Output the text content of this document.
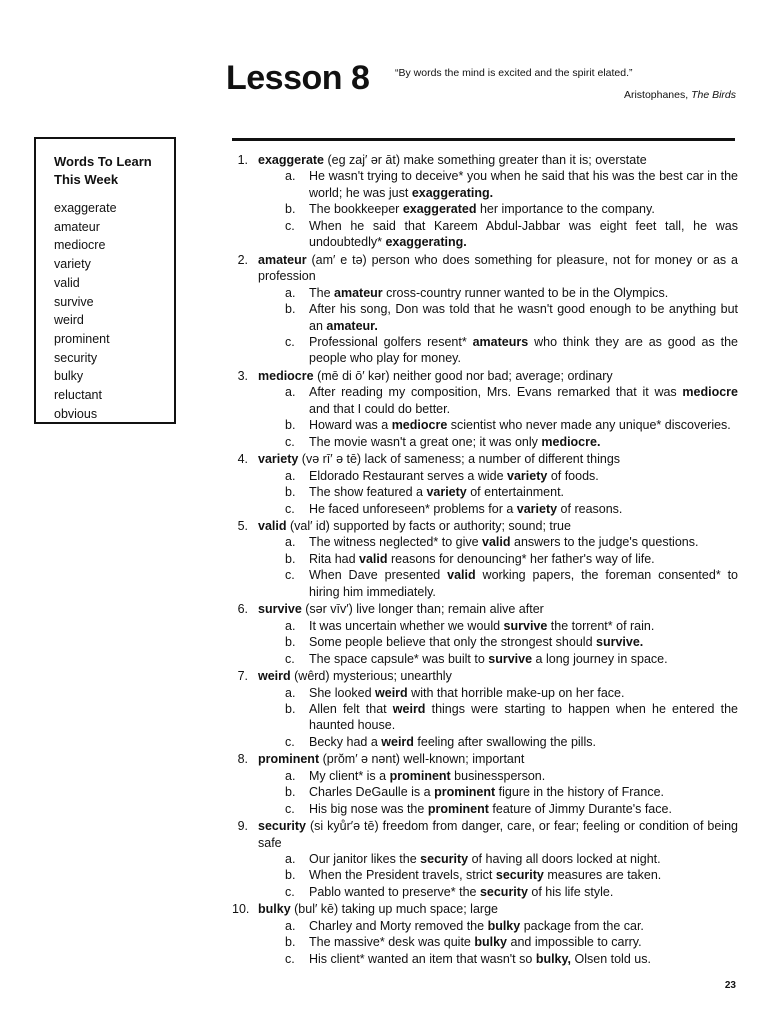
Lesson 8 “By words the mind is excited and the spirit elated.”
Aristophanes, The Birds
Words To Learn
This Week
exaggerate
amateur
mediocre
variety
valid
survive
weird
prominent
security
bulky
reluctant
obvious
1. exaggerate (eg zaj′ ər āt) make something greater than it is; overstate
a. He wasn't trying to deceive* you when he said that his was the best car in the world; he was just exaggerating.
b. The bookkeeper exaggerated her importance to the company.
c. When he said that Kareem Abdul-Jabbar was eight feet tall, he was undoubtedly* exaggerating.
2. amateur (am′ e tə) person who does something for pleasure, not for money or as a profession
a. The amateur cross-country runner wanted to be in the Olympics.
b. After his song, Don was told that he wasn't good enough to be anything but an amateur.
c. Professional golfers resent* amateurs who think they are as good as the people who play for money.
3. mediocre (mē di ō′ kər) neither good nor bad; average; ordinary
a. After reading my composition, Mrs. Evans remarked that it was mediocre and that I could do better.
b. Howard was a mediocre scientist who never made any unique* discoveries.
c. The movie wasn't a great one; it was only mediocre.
4. variety (və rī′ ə tē) lack of sameness; a number of different things
a. Eldorado Restaurant serves a wide variety of foods.
b. The show featured a variety of entertainment.
c. He faced unforeseen* problems for a variety of reasons.
5. valid (val′ id) supported by facts or authority; sound; true
a. The witness neglected* to give valid answers to the judge's questions.
b. Rita had valid reasons for denouncing* her father's way of life.
c. When Dave presented valid working papers, the foreman consented* to hiring him immediately.
6. survive (sər vīv′) live longer than; remain alive after
a. It was uncertain whether we would survive the torrent* of rain.
b. Some people believe that only the strongest should survive.
c. The space capsule* was built to survive a long journey in space.
7. weird (wêrd) mysterious; unearthly
a. She looked weird with that horrible make-up on her face.
b. Allen felt that weird things were starting to happen when he entered the haunted house.
c. Becky had a weird feeling after swallowing the pills.
8. prominent (prŏm′ ə nənt) well-known; important
a. My client* is a prominent businessperson.
b. Charles DeGaulle is a prominent figure in the history of France.
c. His big nose was the prominent feature of Jimmy Durante's face.
9. security (si kyůr′ə tē) freedom from danger, care, or fear; feeling or condition of being safe
a. Our janitor likes the security of having all doors locked at night.
b. When the President travels, strict security measures are taken.
c. Pablo wanted to preserve* the security of his life style.
10. bulky (bul′ kē) taking up much space; large
a. Charley and Morty removed the bulky package from the car.
b. The massive* desk was quite bulky and impossible to carry.
c. His client* wanted an item that wasn't so bulky, Olsen told us.
23
